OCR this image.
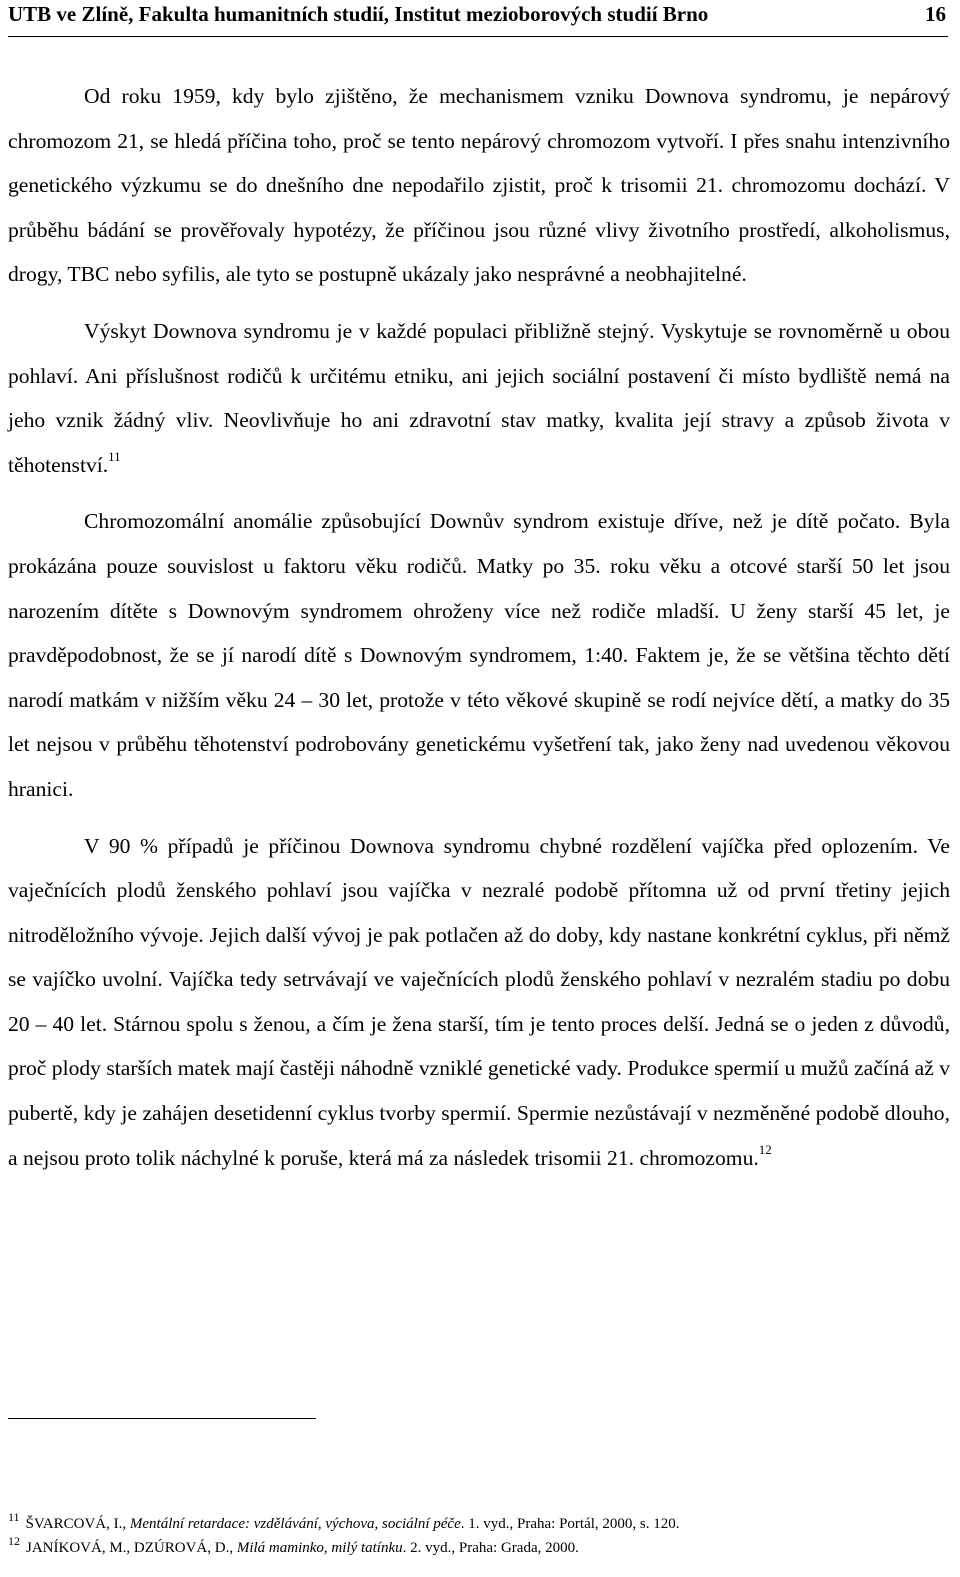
UTB ve Zlíně, Fakulta humanitních studií, Institut mezioborových studií Brno	16

Od roku 1959, kdy bylo zjištěno, že mechanismem vzniku Downova syndromu, je nepárový chromozom 21, se hledá příčina toho, proč se tento nepárový chromozom vytvoří. I přes snahu intenzivního genetického výzkumu se do dnešního dne nepodařilo zjistit, proč k trisomii 21. chromozomu dochází. V průběhu bádání se prověřovaly hypotézy, že příčinou jsou různé vlivy životního prostředí, alkoholismus, drogy, TBC nebo syfilis, ale tyto se postupně ukázaly jako nesprávné a neobhajitelné.

Výskyt Downova syndromu je v každé populaci přibližně stejný. Vyskytuje se rovnoměrně u obou pohlaví. Ani příslušnost rodičů k určitému etniku, ani jejich sociální postavení či místo bydliště nemá na jeho vznik žádný vliv. Neovlivňuje ho ani zdravotní stav matky, kvalita její stravy a způsob života v těhotenství.$^{11}$

Chromozomální anomálie způsobující Downův syndrom existuje dříve, než je dítě počato. Byla prokázána pouze souvislost u faktoru věku rodičů. Matky po 35. roku věku a otcové starší 50 let jsou narozením dítěte s Downovým syndromem ohroženy více než rodiče mladší. U ženy starší 45 let, je pravděpodobnost, že se jí narodí dítě s Downovým syndromem, 1:40. Faktem je, že se většina těchto dětí narodí matkám v nižším věku 24 – 30 let, protože v této věkové skupině se rodí nejvíce dětí, a matky do 35 let nejsou v průběhu těhotenství podrobovány genetickému vyšetření tak, jako ženy nad uvedenou věkovou hranici.

V 90 % případů je příčinou Downova syndromu chybné rozdělení vajíčka před oplozením. Ve vaječnících plodů ženského pohlaví jsou vajíčka v nezralé podobě přítomna už od první třetiny jejich nitroděložního vývoje. Jejich další vývoj je pak potlačen až do doby, kdy nastane konkrétní cyklus, při němž se vajíčko uvolní. Vajíčka tedy setrvávají ve vaječnících plodů ženského pohlaví v nezralém stadiu po dobu 20 – 40 let. Stárnou spolu s ženou, a čím je žena starší, tím je tento proces delší. Jedná se o jeden z důvodů, proč plody starších matek mají častěji náhodně vzniklé genetické vady. Produkce spermií u mužů začíná až v pubertě, kdy je zahájen desetidenní cyklus tvorby spermií. Spermie nezůstávají v nezměněné podobě dlouho, a nejsou proto tolik náchylné k poruše, která má za následek trisomii 21. chromozomu.$^{12}$

$^{11}$ ŠVARCOVÁ, I., Mentální retardace: vzdělávání, výchova, sociální péče. 1. vyd., Praha: Portál, 2000, s. 120.
$^{12}$ JANÍKOVÁ, M., DZÚROVÁ, D., Milá maminko, milý tatínku. 2. vyd., Praha: Grada, 2000.
